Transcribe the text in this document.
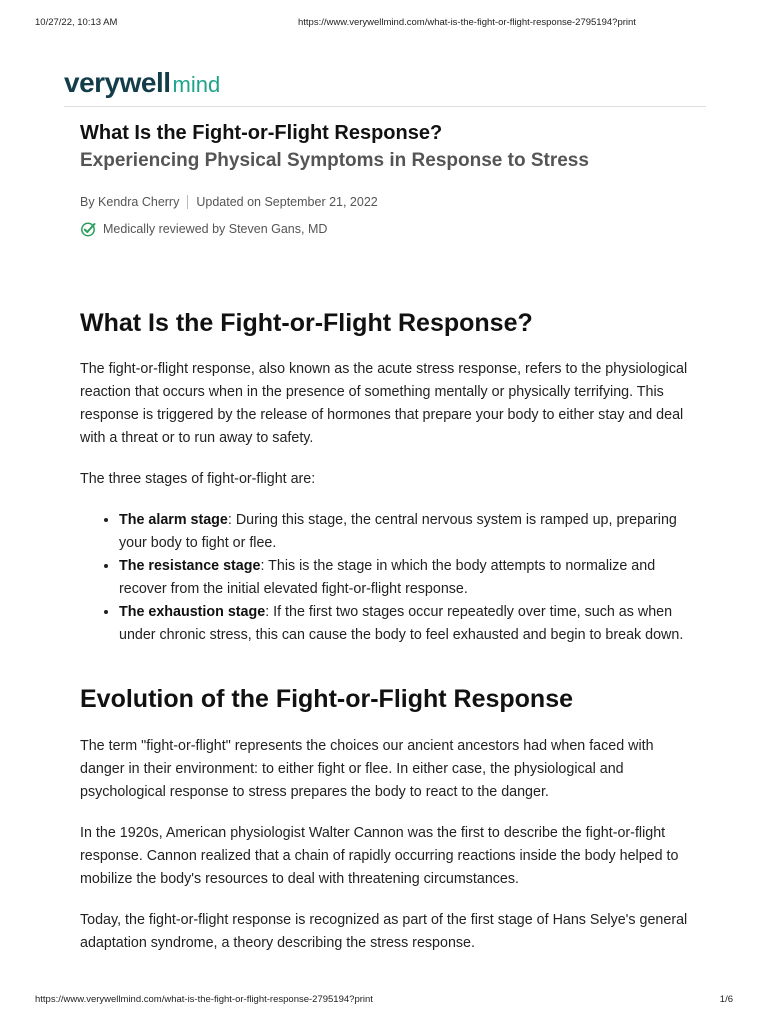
10/27/22, 10:13 AM	https://www.verywellmind.com/what-is-the-fight-or-flight-response-2795194?print
verywellmind
What Is the Fight-or-Flight Response?
Experiencing Physical Symptoms in Response to Stress
By Kendra Cherry Updated on September 21, 2022
Medically reviewed by Steven Gans, MD
What Is the Fight-or-Flight Response?

The fight-or-flight response, also known as the acute stress response, refers to the physiological reaction that occurs when in the presence of something mentally or physically terrifying. This response is triggered by the release of hormones that prepare your body to either stay and deal with a threat or to run away to safety.

The three stages of fight-or-flight are:

• The alarm stage: During this stage, the central nervous system is ramped up, preparing your body to fight or flee.
• The resistance stage: This is the stage in which the body attempts to normalize and recover from the initial elevated fight-or-flight response.
• The exhaustion stage: If the first two stages occur repeatedly over time, such as when under chronic stress, this can cause the body to feel exhausted and begin to break down.
Evolution of the Fight-or-Flight Response

The term "fight-or-flight" represents the choices our ancient ancestors had when faced with danger in their environment: to either fight or flee. In either case, the physiological and psychological response to stress prepares the body to react to the danger.

In the 1920s, American physiologist Walter Cannon was the first to describe the fight-or-flight response. Cannon realized that a chain of rapidly occurring reactions inside the body helped to mobilize the body's resources to deal with threatening circumstances.

Today, the fight-or-flight response is recognized as part of the first stage of Hans Selye's general adaptation syndrome, a theory describing the stress response.

https://www.verywellmind.com/what-is-the-fight-or-flight-response-2795194?print	1/6
